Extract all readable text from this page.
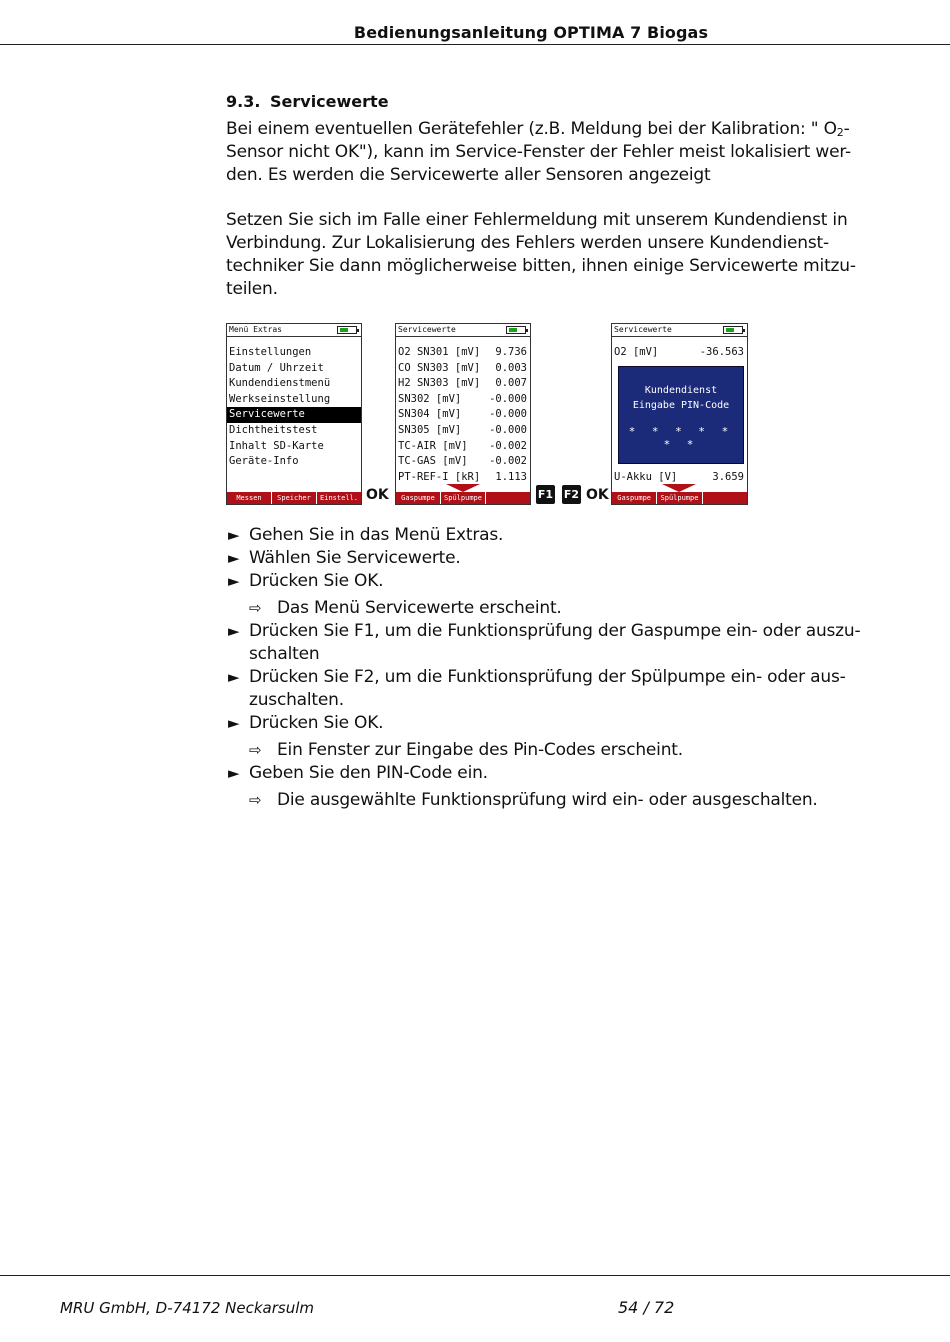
Bedienungsanleitung OPTIMA 7 Biogas
9.3. Servicewerte
Bei einem eventuellen Gerätefehler (z.B. Meldung bei der Kalibration: " $O_2-$
Sensor nicht OK"), kann im Service-Fenster der Fehler meist lokalisiert wer-
den. Es werden die Servicewerte aller Sensoren angezeigt
Setzen Sie sich im Falle einer Fehlermeldung mit unserem Kundendienst in
Verbindung. Zur Lokalisierung des Fehlers werden unsere Kundendienst-
techniker Sie dann möglicherweise bitten, ihnen einige Servicewerte mitzu-
teilen.
Menü Extras
Einstellungen
Datum / Uhrzeit
Kundendienstmenü
Werkseinstellung
Servicewerte
Dichtheitstest
Inhalt SD-Karte
Geräte-Info
Messen	Speicher	Einstell. OK
Servicewerte
O2 SN301 [mV] 9.736
CO SN303 [mV] 0.003
H2 SN303 [mV] 0.007
SN302 [mV]	-0.000
SN304 [mV]	-0.000
SN305 [mV]	-0.000
TC-AIR [mV] -0.002
TC-GAS [mV] -0.002
PT-REF-I [kR] 1.113
Gaspumpe	Spülpumpe	F1 F2 OK
Servicewerte
O2 [mV]	-36.563
U-Akku [V]	3.659
Kundendienst
Eingabe PIN-Code
* * * * * * *
Gaspumpe	Spülpumpe
► Gehen Sie in das Menü Extras.
► Wählen Sie Servicewerte.
► Drücken Sie OK.
⇨ Das Menü Servicewerte erscheint.
► Drücken Sie F1, um die Funktionsprüfung der Gaspumpe ein- oder auszu-
schalten
► Drücken Sie F2, um die Funktionsprüfung der Spülpumpe ein- oder aus-
zuschalten.
► Drücken Sie OK.
⇨ Ein Fenster zur Eingabe des Pin-Codes erscheint.
► Geben Sie den PIN-Code ein.
⇨ Die ausgewählte Funktionsprüfung wird ein- oder ausgeschalten.
MRU GmbH, D-74172 Neckarsulm	54 / 72
